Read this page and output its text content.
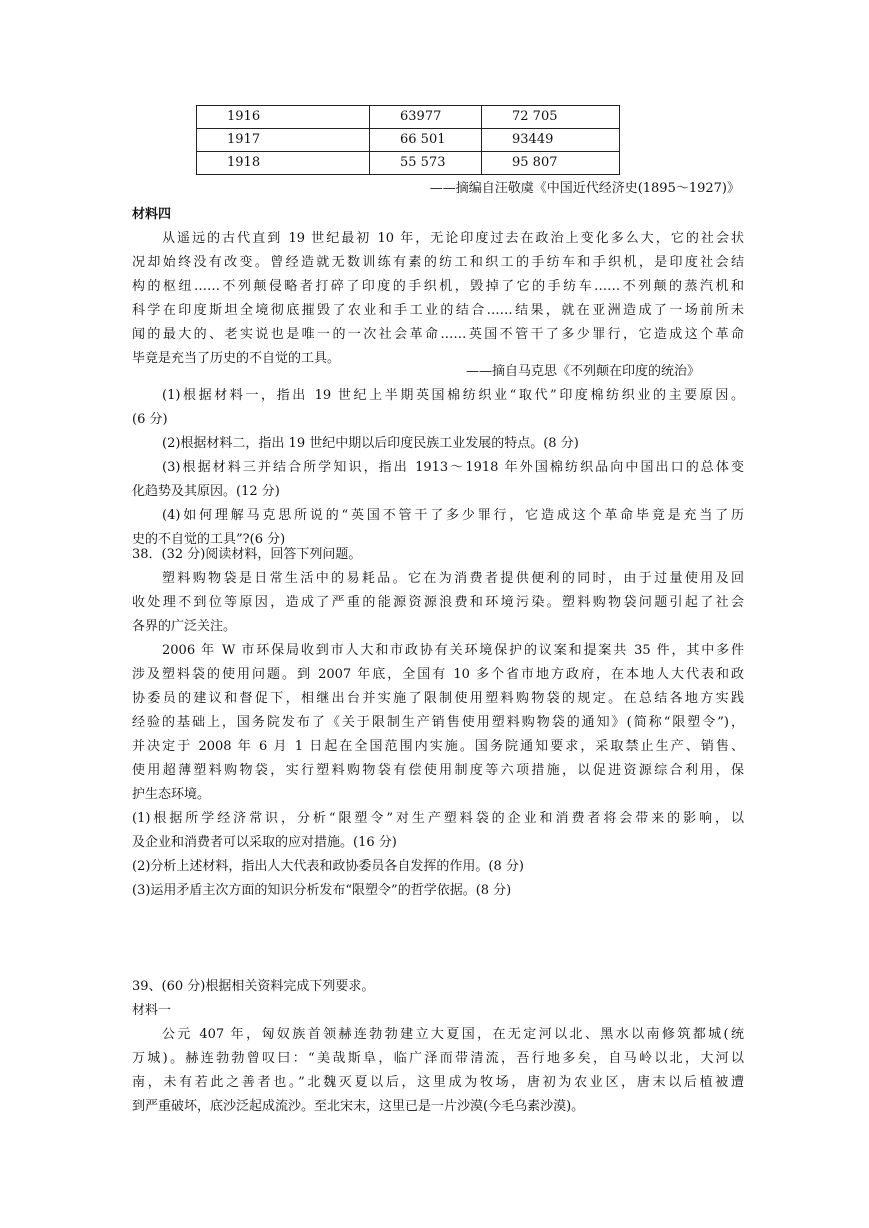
1916	63977	72 705
1917	66 501	93449
1918	55 573	95 807
——摘编自汪敬虞《中国近代经济史(1895～1927)》
材料四
从遥远的古代直到 19 世纪最初 10 年，无论印度过去在政治上变化多么大，它的社会状
况却始终没有改变。曾经造就无数训练有素的纺工和织工的手纺车和手织机，是印度社会结
构的枢纽……不列颠侵略者打碎了印度的手织机，毁掉了它的手纺车……不列颠的蒸汽机和
科学在印度斯坦全境彻底摧毁了农业和手工业的结合……结果，就在亚洲造成了一场前所未
闻的最大的、老实说也是唯一的一次社会革命……英国不管干了多少罪行，它造成这个革命
毕竟是充当了历史的不自觉的工具。
——摘自马克思《不列颠在印度的统治》
(1)根据材料一，指出 19 世纪上半期英国棉纺织业“取代”印度棉纺织业的主要原因。
(6 分)
(2)根据材料二，指出 19 世纪中期以后印度民族工业发展的特点。(8 分)
(3)根据材料三并结合所学知识，指出 1913～1918 年外国棉纺织品向中国出口的总体变
化趋势及其原因。(12 分)
(4)如何理解马克思所说的“英国不管干了多少罪行，它造成这个革命毕竟是充当了历
史的不自觉的工具”?(6 分)
38．(32 分)阅读材料，回答下列问题。
塑料购物袋是日常生活中的易耗品。它在为消费者提供便利的同时，由于过量使用及回
收处理不到位等原因，造成了严重的能源资源浪费和环境污染。塑料购物袋问题引起了社会
各界的广泛关注。
2006 年 W 市环保局收到市人大和市政协有关环境保护的议案和提案共 35 件，其中多件
涉及塑料袋的使用问题。到 2007 年底，全国有 10 多个省市地方政府，在本地人大代表和政
协委员的建议和督促下，相继出台并实施了限制使用塑料购物袋的规定。在总结各地方实践
经验的基础上，国务院发布了《关于限制生产销售使用塑料购物袋的通知》(简称“限塑令”)，
并决定于 2008 年 6 月 1 日起在全国范围内实施。国务院通知要求，采取禁止生产、销售、
使用超薄塑料购物袋，实行塑料购物袋有偿使用制度等六项措施，以促进资源综合利用，保
护生态环境。
(1)根据所学经济常识，分析“限塑令”对生产塑料袋的企业和消费者将会带来的影响，以
及企业和消费者可以采取的应对措施。(16 分)
(2)分析上述材料，指出人大代表和政协委员各自发挥的作用。(8 分)
(3)运用矛盾主次方面的知识分析发布“限塑令”的哲学依据。(8 分)
39、(60 分)根据相关资料完成下列要求。
材料一
公元 407 年，匈奴族首领赫连勃勃建立大夏国，在无定河以北、黑水以南修筑都城(统
万城)。赫连勃勃曾叹曰：“美哉斯阜，临广泽而带清流，吾行地多矣，自马岭以北，大河以
南，未有若此之善者也。”北魏灭夏以后，这里成为牧场，唐初为农业区，唐末以后植被遭
到严重破坏，底沙泛起成流沙。至北宋末，这里已是一片沙漠(今毛乌素沙漠)。
